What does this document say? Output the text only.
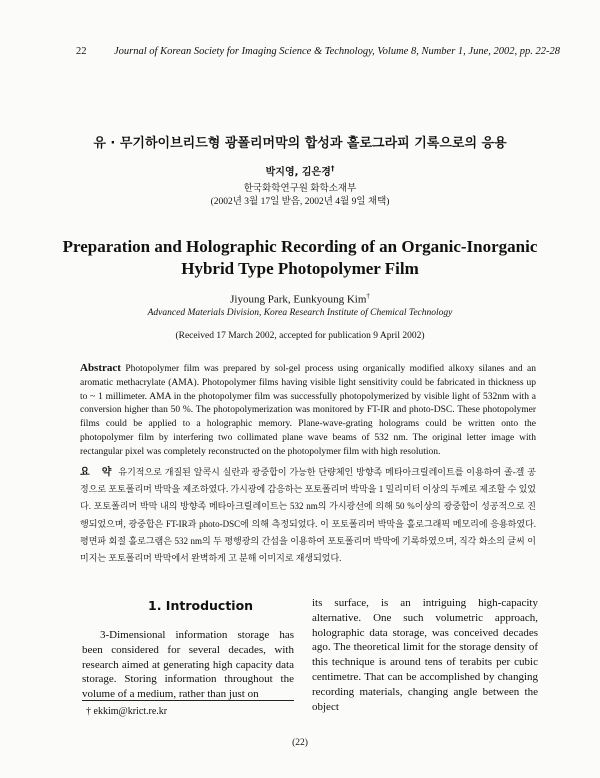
22	Journal of Korean Society for Imaging Science & Technology, Volume 8, Number 1, June, 2002, pp. 22-28
유 · 무기하이브리드형 광폴리머막의 합성과 홀로그라피 기록으로의 응용
박지영, 김은경†
한국화학연구원 화학소재부
(2002년 3월 17일 받음, 2002년 4월 9일 채택)
Preparation and Holographic Recording of an Organic-Inorganic
Hybrid Type Photopolymer Film
Jiyoung Park, Eunkyoung Kim†
Advanced Materials Division, Korea Research Institute of Chemical Technology
(Received 17 March 2002, accepted for publication 9 April 2002)
Abstract Photopolymer film was prepared by sol-gel process using organically modified alkoxy silanes and an aromatic methacrylate (AMA). Photopolymer films having visible light sensitivity could be fabricated in thickness up to ~ 1 millimeter. AMA in the photopolymer film was successfully photopolymerized by visible light of 532nm with a conversion higher than 50 %. The photopolymerization was monitored by FT-IR and photo-DSC. These photopolymer films could be applied to a holographic memory. Plane-wave-grating holograms could be written onto the photopolymer film by interfering two collimated plane wave beams of 532 nm. The original letter image with rectangular pixel was completely reconstructed on the photopolymer film with high resolution.
요 약 유기적으로 개질된 알콕시 실란과 광중합이 가능한 단량체인 방향족 메타아크릴레이트를 이용하여 졸-겔 공정으로 포토폴리머 박막을 제조하였다. 가시광에 감응하는 포토폴리머 박막을 1 밀리미터 이상의 두께로 제조할 수 있었다. 포토폴리머 박막 내의 방향족 메타아크릴레이트는 532 nm의 가시광선에 의해 50 %이상의 광중합이 성공적으로 진행되었으며, 광중합은 FT-IR과 photo-DSC에 의해 측정되었다. 이 포토폴리머 박막을 홀로그래픽 메모리에 응용하였다. 평면파 회절 홀로그램은 532 nm의 두 평행광의 간섭을 이용하여 포토폴리머 박막에 기록하였으며, 직각 화소의 글씨 이미지는 포토폴리머 박막에서 완벽하게 고 분해 이미지로 재생되었다.
1. Introduction
3-Dimensional information storage has been considered for several decades, with research aimed at generating high capacity data storage. Storing information throughout the volume of a medium, rather than just on
its surface, is an intriguing high-capacity alternative. One such volumetric approach, holographic data storage, was conceived decades ago. The theoretical limit for the storage density of this technique is around tens of terabits per cubic centimetre. That can be accomplished by changing recording materials, changing angle between the object
† ekkim@krict.re.kr
(22)
